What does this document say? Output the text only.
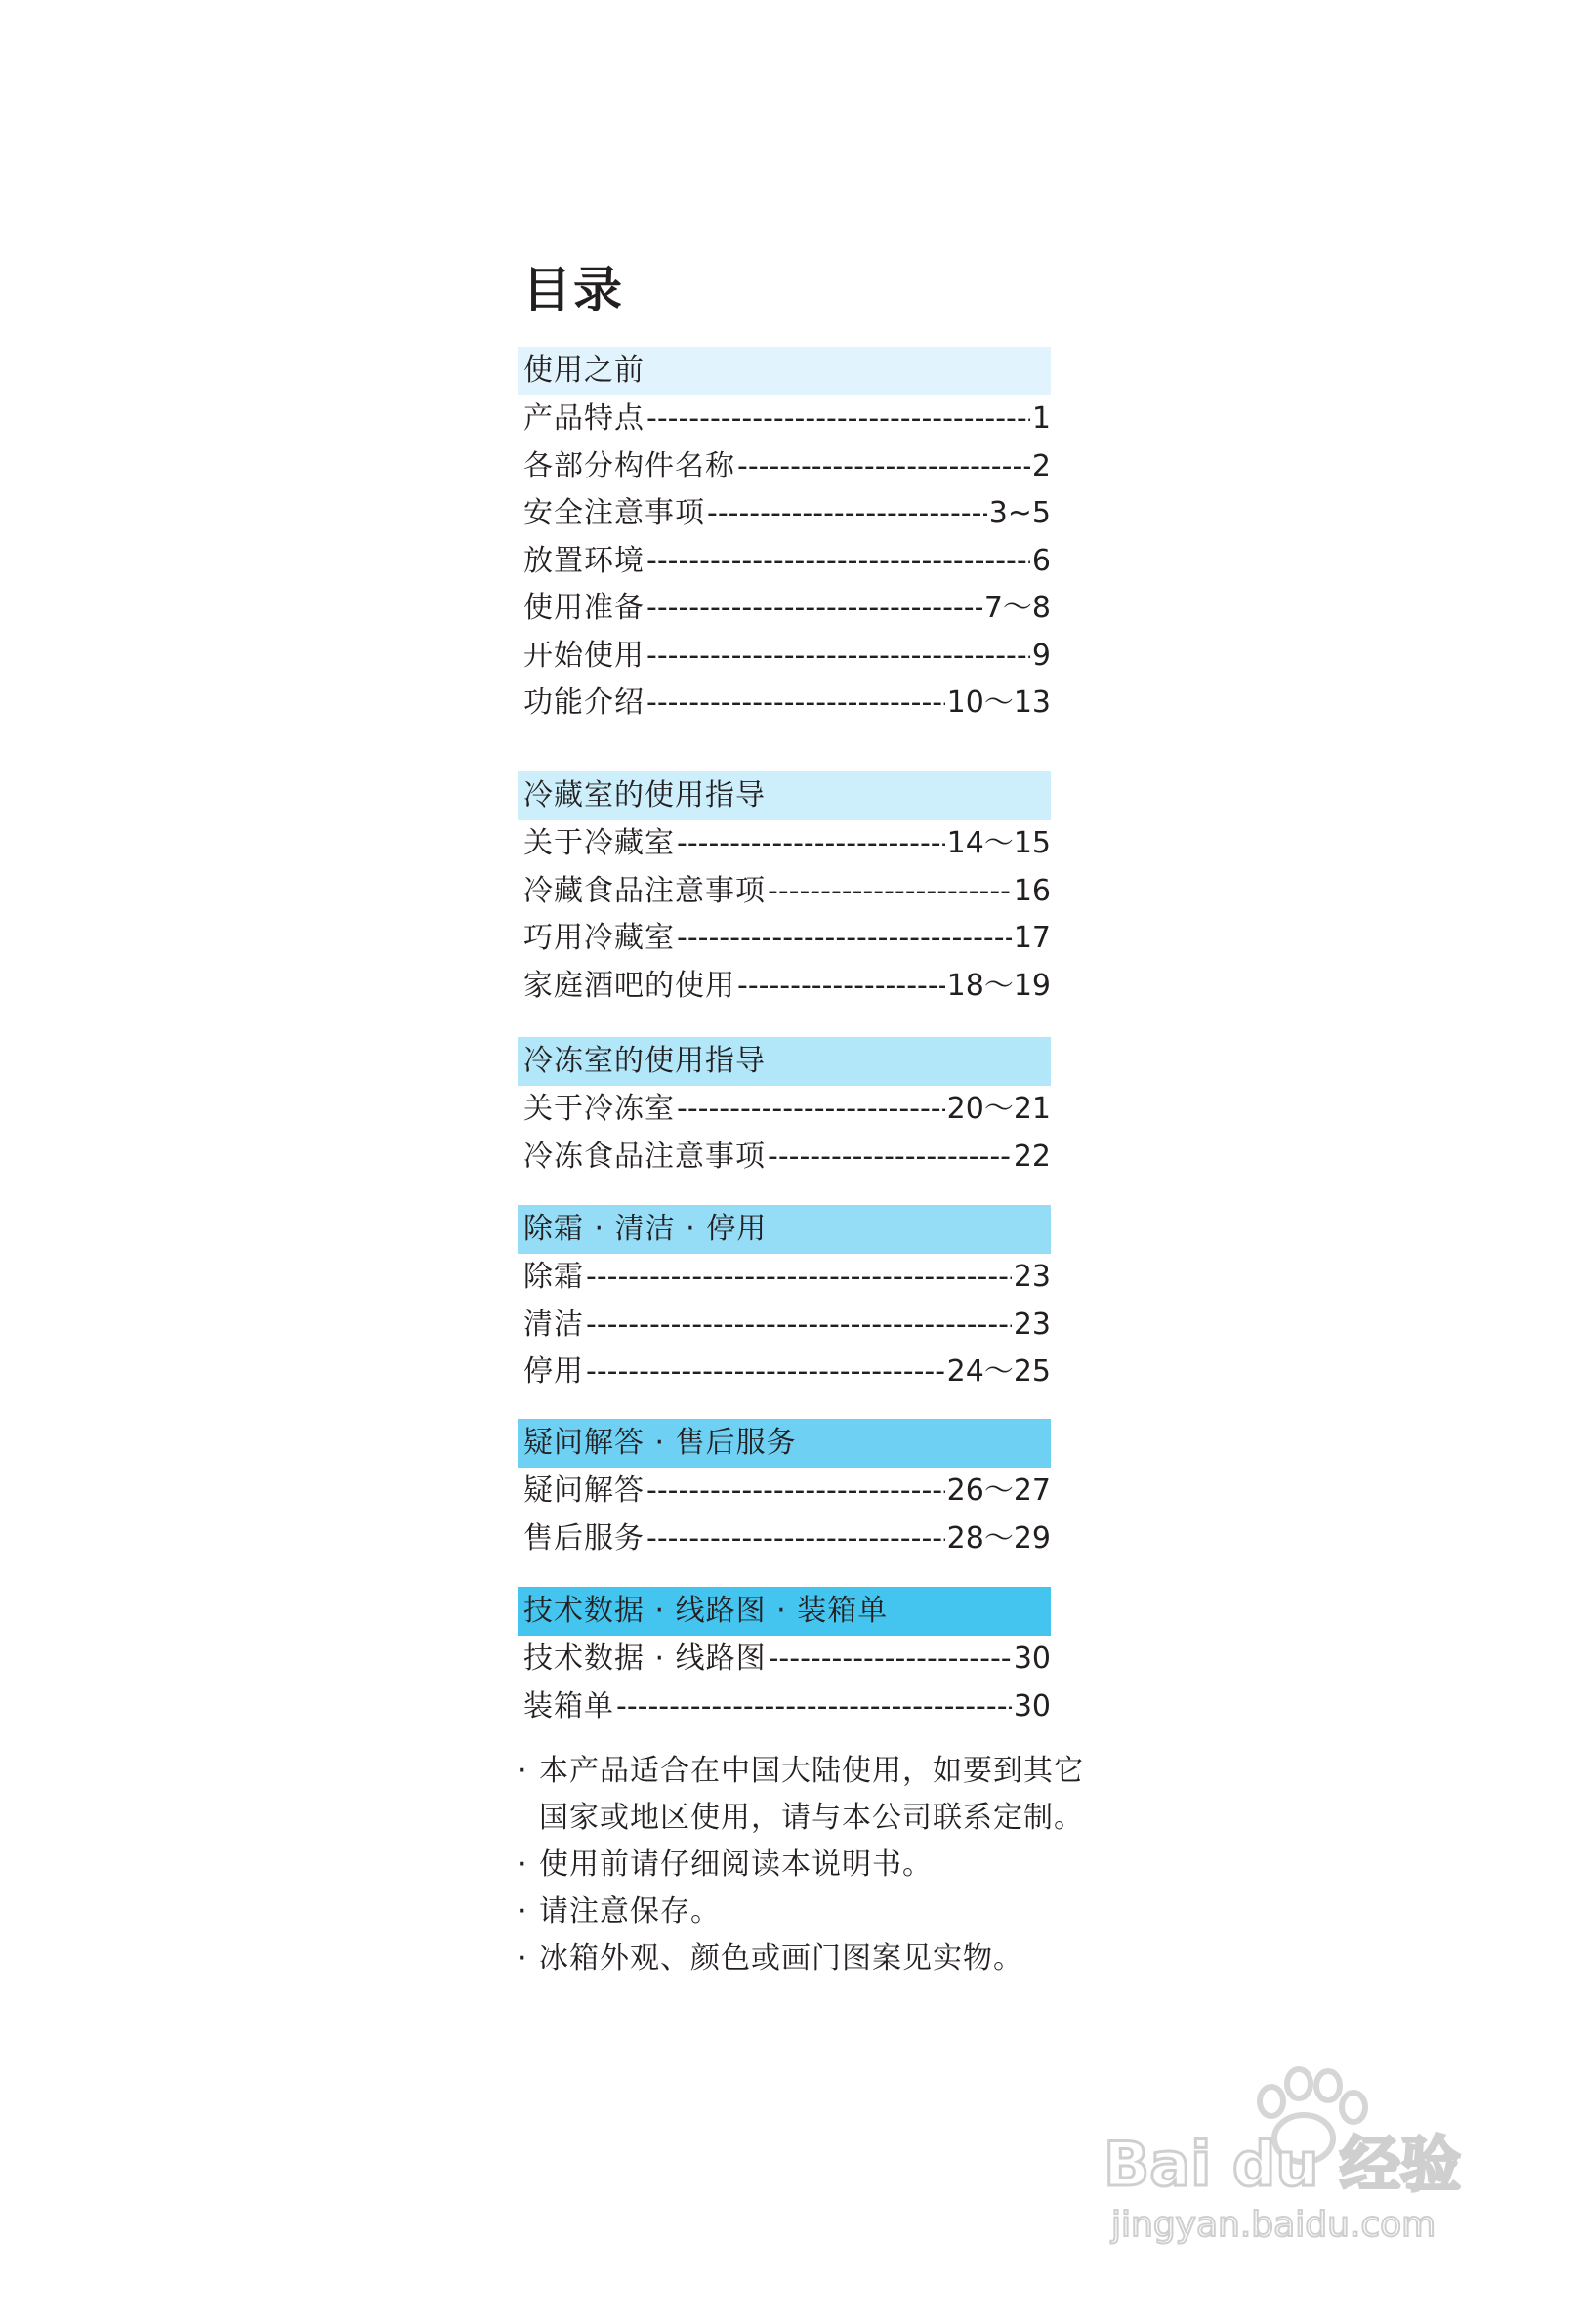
目录
使用之前
产品特点 -----	1
各部分构件名称 -----	2
安全注意事项 -----	3~5
放置环境 -----	6
使用准备 -----	7～8
开始使用 -----	9
功能介绍 -----	10～13
冷藏室的使用指导
关于冷藏室 -----	14～15
冷藏食品注意事项 -----	16
巧用冷藏室 -----	17
家庭酒吧的使用 -----	18～19
冷冻室的使用指导
关于冷冻室 -----	20～21
冷冻食品注意事项 -----	22
除霜 · 清洁 · 停用
除霜 -----	23
清洁 -----	23
停用 -----	24～25
疑问解答 · 售后服务
疑问解答 -----	26～27
售后服务 -----	28～29
技术数据 · 线路图 · 装箱单
技术数据 · 线路图 -----	30
装箱单 -----	30
· 本产品适合在中国大陆使用，如要到其它
国家或地区使用，请与本公司联系定制。
· 使用前请仔细阅读本说明书。
· 请注意保存。
· 冰箱外观、颜色或画门图案见实物。
Bai du 经验
jingyan.baidu.com
